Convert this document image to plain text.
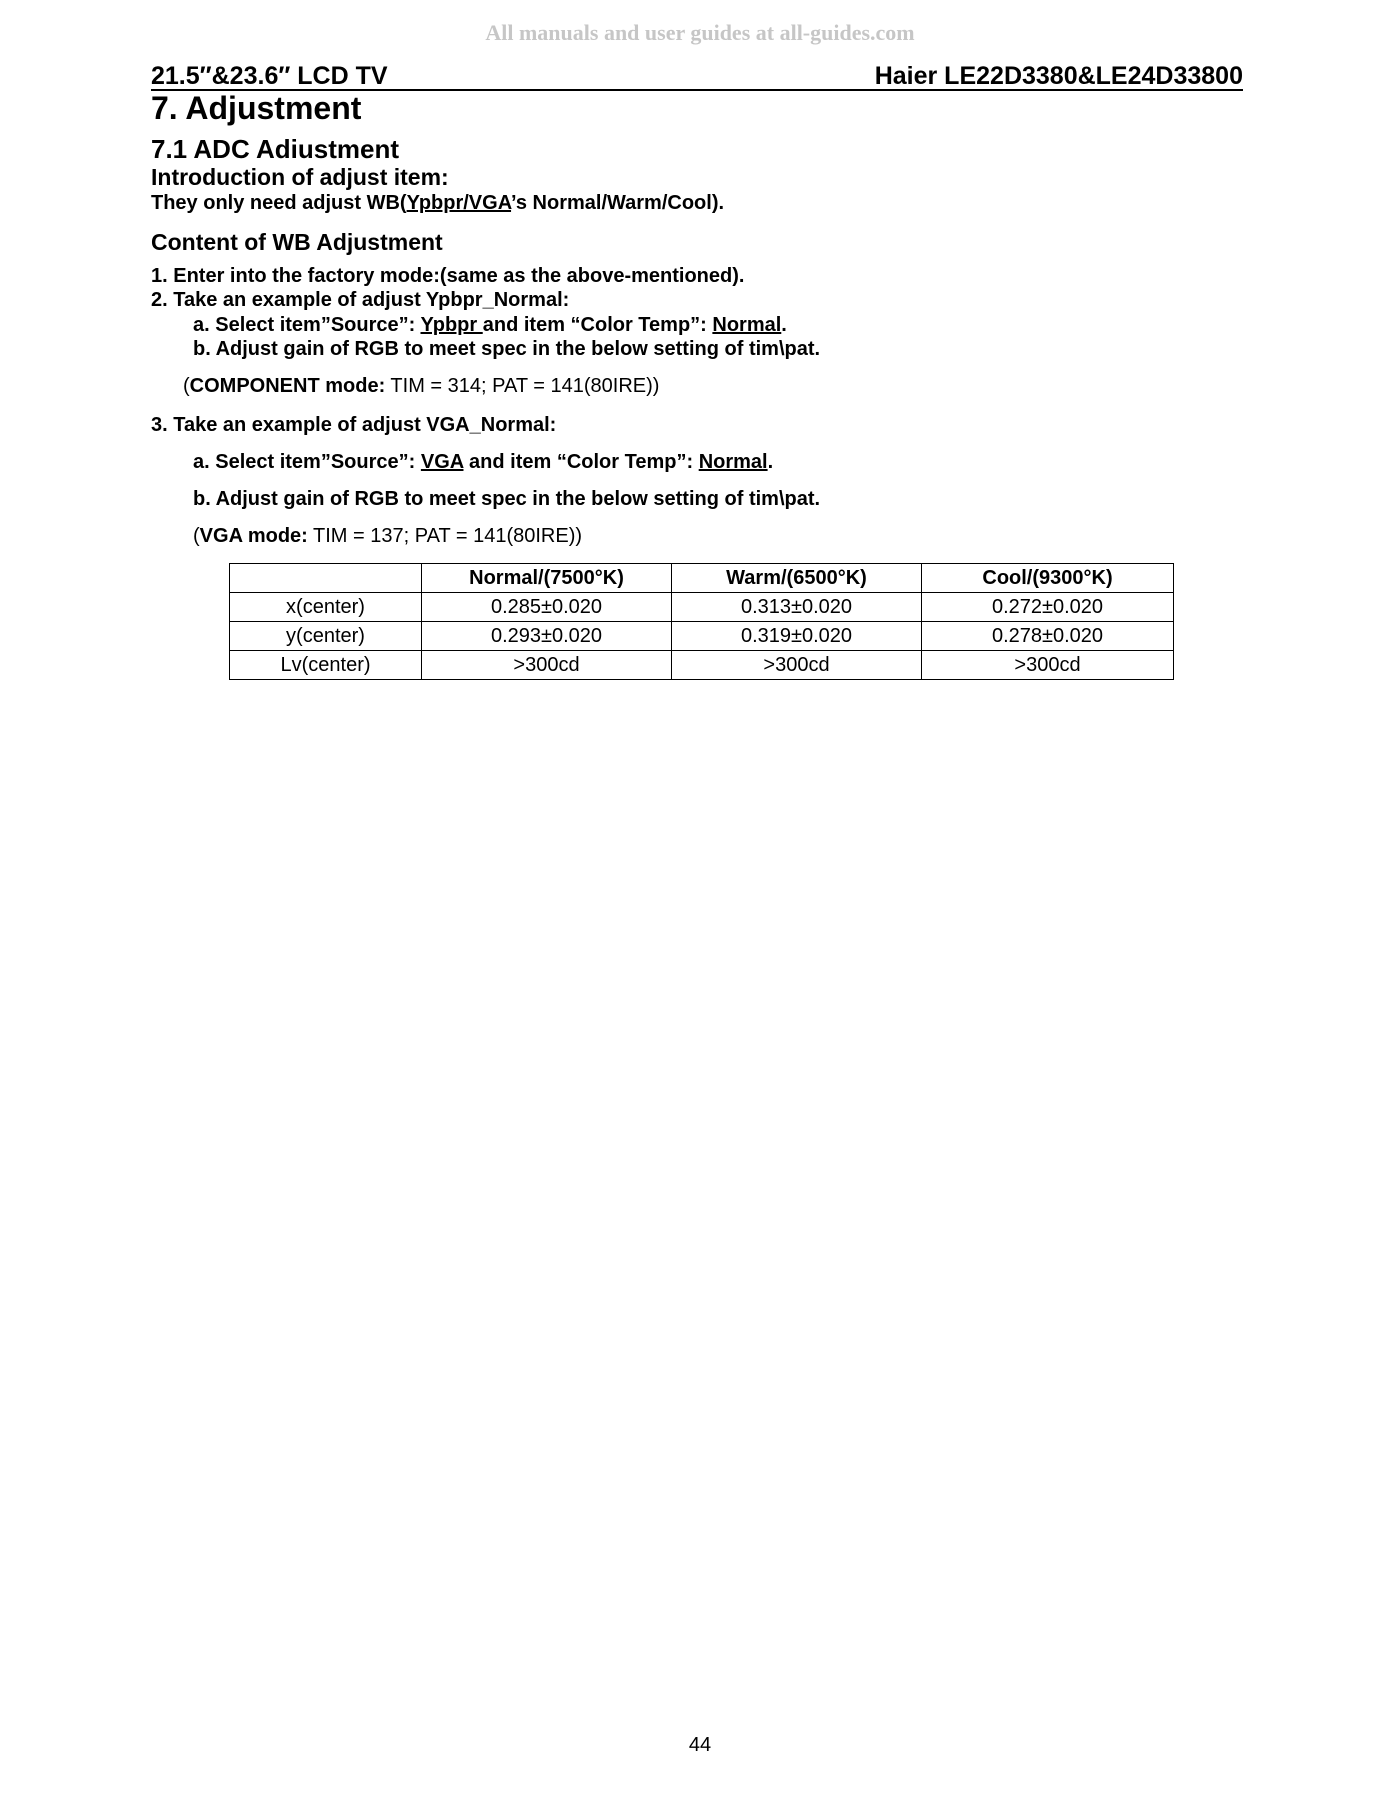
All manuals and user guides at all-guides.com
21.5″&23.6″ LCD TV	Haier LE22D3380&LE24D33800
7. Adjustment
7.1 ADC Adiustment
Introduction of adjust item:
They only need adjust WB(Ypbpr/VGA’s Normal/Warm/Cool).
Content of WB Adjustment
1. Enter into the factory mode:(same as the above-mentioned).
2. Take an example of adjust Ypbpr_Normal:
a. Select item”Source”: Ypbpr and item “Color Temp”: Normal.
b. Adjust gain of RGB to meet spec in the below setting of tim\pat.
(COMPONENT mode: TIM = 314; PAT = 141(80IRE))
3. Take an example of adjust VGA_Normal:
a. Select item”Source”: VGA and item “Color Temp”: Normal.
b. Adjust gain of RGB to meet spec in the below setting of tim\pat.
(VGA mode: TIM = 137; PAT = 141(80IRE))
	Normal/(7500°K)	Warm/(6500°K)	Cool/(9300°K)
x(center)	0.285±0.020	0.313±0.020	0.272±0.020
y(center)	0.293±0.020	0.319±0.020	0.278±0.020
Lv(center)	>300cd	>300cd	>300cd
44
